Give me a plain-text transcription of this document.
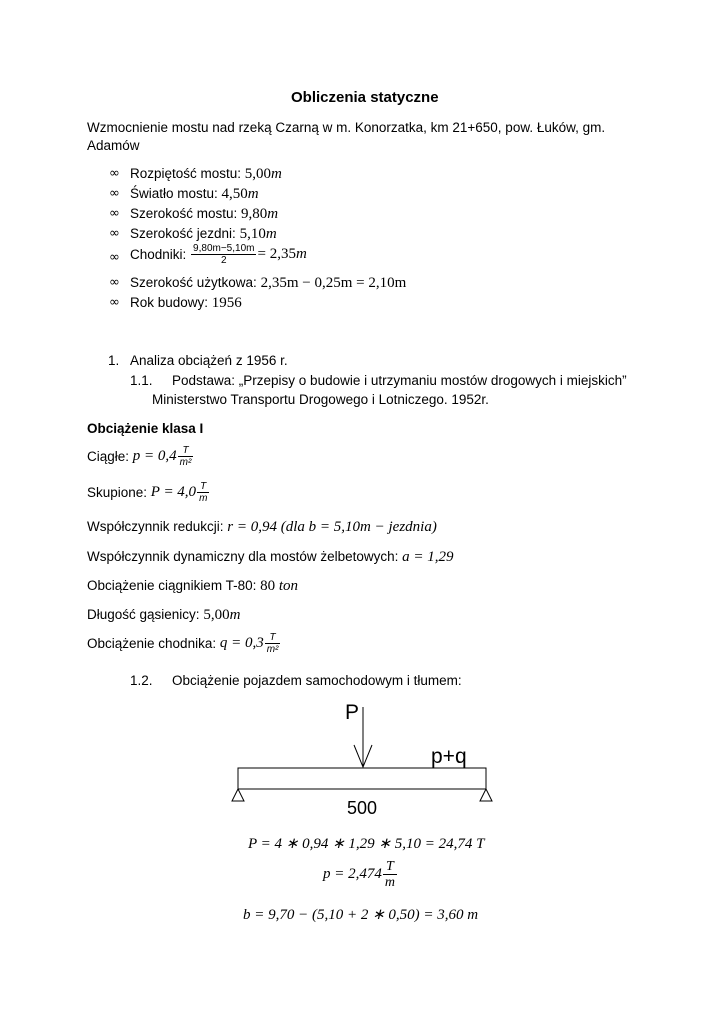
Obliczenia statyczne
Wzmocnienie mostu nad rzeką Czarną w m. Konorzatka, km 21+650, pow. Łuków, gm.
Adamów
∞ Rozpiętość mostu: 5,00m
∞ Światło mostu: 4,50m
∞ Szerokość mostu: 9,80m
∞ Szerokość jezdni: 5,10m
∞ Chodniki: $\frac{9,80m-5,10m}{2} = 2,35m$
∞ Szerokość użytkowa: 2,35m − 0,25m = 2,10m
∞ Rok budowy: 1956
1. Analiza obciążeń z 1956 r.
1.1. Podstawa: „Przepisy o budowie i utrzymaniu mostów drogowych i miejskich”
Ministerstwo Transportu Drogowego i Lotniczego. 1952r.
Obciążenie klasa I
Ciągłe: $p = 0,4 \frac{T}{\text{m²}}$
Skupione: $P = 4,0 \frac{T}{m}$
Współczynnik redukcji: r = 0,94 (dla b = 5,10m − jezdnia)
Współczynnik dynamiczny dla mostów żelbetowych: a = 1,29
Obciążenie ciągnikiem T-80: 80 ton
Długość gąsienicy: 5,00m
Obciążenie chodnika: $q = 0,3 \frac{T}{\text{m²}}$
1.2. Obciążenie pojazdem samochodowym i tłumem:
P
p+q
500
P = 4 ∗ 0,94 ∗ 1,29 ∗ 5,10 = 24,74 T
$p = 2,474 \frac{T}{m}$
b = 9,70 − (5,10 + 2 ∗ 0,50) = 3,60 m
